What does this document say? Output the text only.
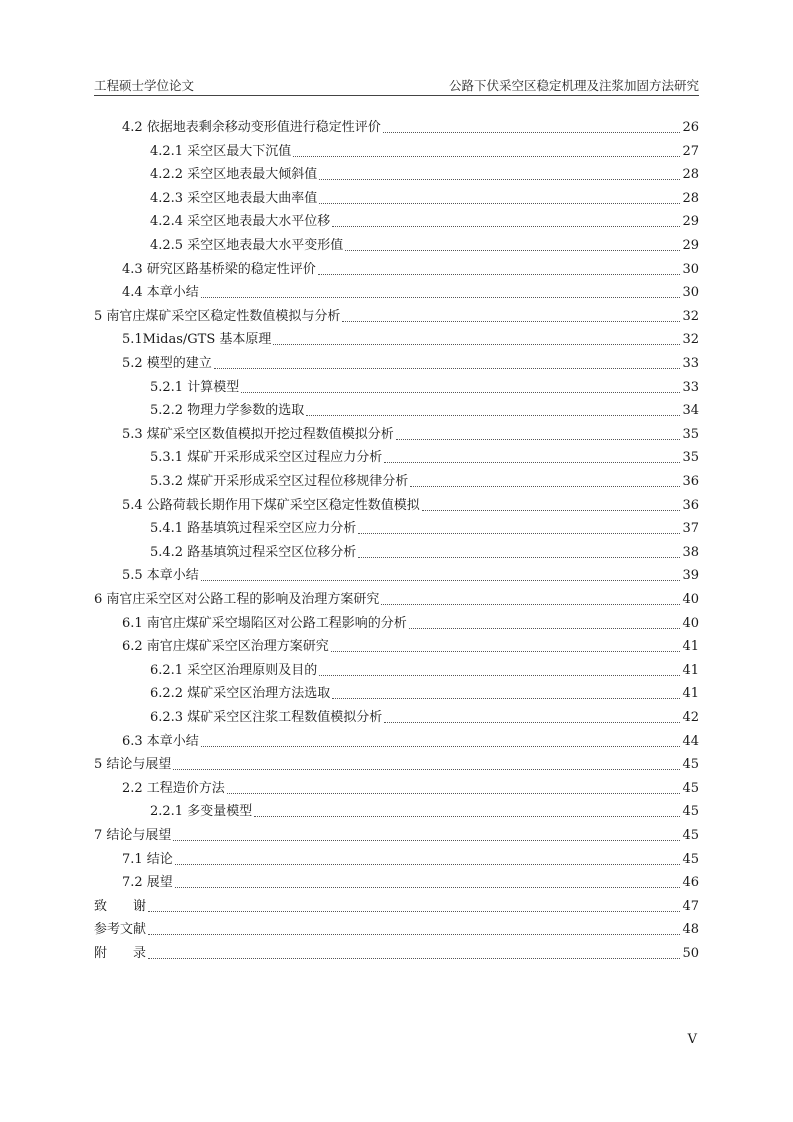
工程硕士学位论文	公路下伏采空区稳定机理及注浆加固方法研究
4.2 依据地表剩余移动变形值进行稳定性评价	26
4.2.1 采空区最大下沉值	27
4.2.2 采空区地表最大倾斜值	28
4.2.3 采空区地表最大曲率值	28
4.2.4 采空区地表最大水平位移	29
4.2.5 采空区地表最大水平变形值	29
4.3 研究区路基桥梁的稳定性评价	30
4.4 本章小结	30
5 南官庄煤矿采空区稳定性数值模拟与分析	32
5.1Midas/GTS 基本原理	32
5.2 模型的建立	33
5.2.1 计算模型	33
5.2.2 物理力学参数的选取	34
5.3 煤矿采空区数值模拟开挖过程数值模拟分析	35
5.3.1 煤矿开采形成采空区过程应力分析	35
5.3.2 煤矿开采形成采空区过程位移规律分析	36
5.4 公路荷载长期作用下煤矿采空区稳定性数值模拟	36
5.4.1 路基填筑过程采空区应力分析	37
5.4.2 路基填筑过程采空区位移分析	38
5.5 本章小结	39
6 南官庄采空区对公路工程的影响及治理方案研究	40
6.1 南官庄煤矿采空塌陷区对公路工程影响的分析	40
6.2 南官庄煤矿采空区治理方案研究	41
6.2.1 采空区治理原则及目的	41
6.2.2 煤矿采空区治理方法选取	41
6.2.3 煤矿采空区注浆工程数值模拟分析	42
6.3 本章小结	44
5 结论与展望	45
2.2 工程造价方法	45
2.2.1 多变量模型	45
7 结论与展望	45
7.1 结论	45
7.2 展望	46
致　　谢	47
参考文献	48
附　　录	50
V
